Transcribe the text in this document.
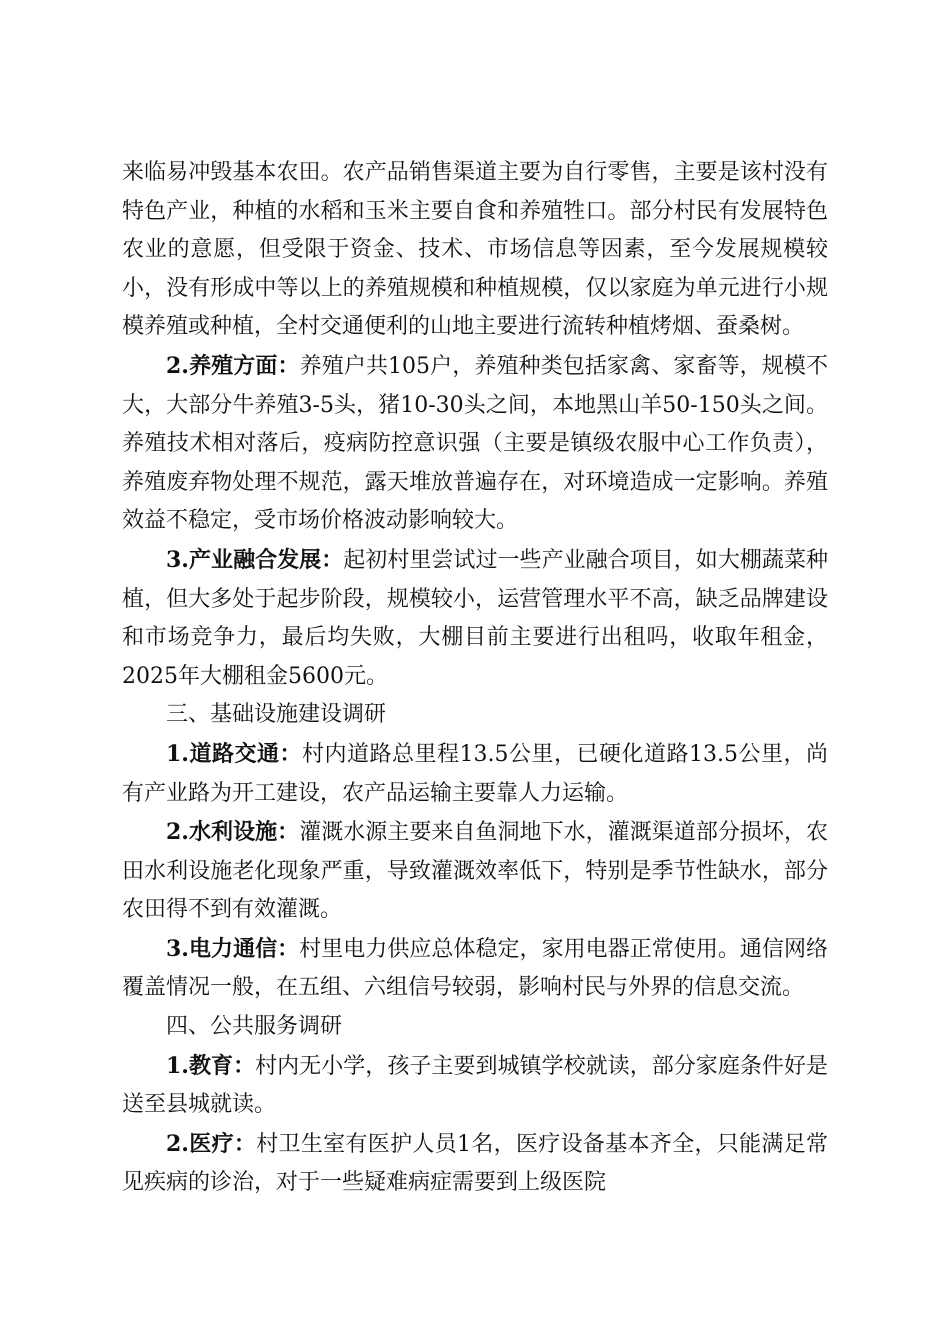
来临易冲毁基本农田。农产品销售渠道主要为自行零售，主要是该村没有特色产业，种植的水稻和玉米主要自食和养殖牲口。部分村民有发展特色农业的意愿，但受限于资金、技术、市场信息等因素，至今发展规模较小，没有形成中等以上的养殖规模和种植规模，仅以家庭为单元进行小规模养殖或种植，全村交通便利的山地主要进行流转种植烤烟、蚕桑树。

2.养殖方面：养殖户共105户，养殖种类包括家禽、家畜等，规模不大，大部分牛养殖3-5头，猪10-30头之间，本地黑山羊50-150头之间。养殖技术相对落后，疫病防控意识强（主要是镇级农服中心工作负责），养殖废弃物处理不规范，露天堆放普遍存在，对环境造成一定影响。养殖效益不稳定，受市场价格波动影响较大。

3.产业融合发展：起初村里尝试过一些产业融合项目，如大棚蔬菜种植，但大多处于起步阶段，规模较小，运营管理水平不高，缺乏品牌建设和市场竞争力，最后均失败，大棚目前主要进行出租吗，收取年租金，2025年大棚租金5600元。

三、基础设施建设调研

1.道路交通：村内道路总里程13.5公里，已硬化道路13.5公里，尚有产业路为开工建设，农产品运输主要靠人力运输。

2.水利设施：灌溉水源主要来自鱼洞地下水，灌溉渠道部分损坏，农田水利设施老化现象严重，导致灌溉效率低下，特别是季节性缺水，部分农田得不到有效灌溉。

3.电力通信：村里电力供应总体稳定，家用电器正常使用。通信网络覆盖情况一般，在五组、六组信号较弱，影响村民与外界的信息交流。

四、公共服务调研

1.教育：村内无小学，孩子主要到城镇学校就读，部分家庭条件好是送至县城就读。

2.医疗：村卫生室有医护人员1名，医疗设备基本齐全，只能满足常见疾病的诊治，对于一些疑难病症需要到上级医院
